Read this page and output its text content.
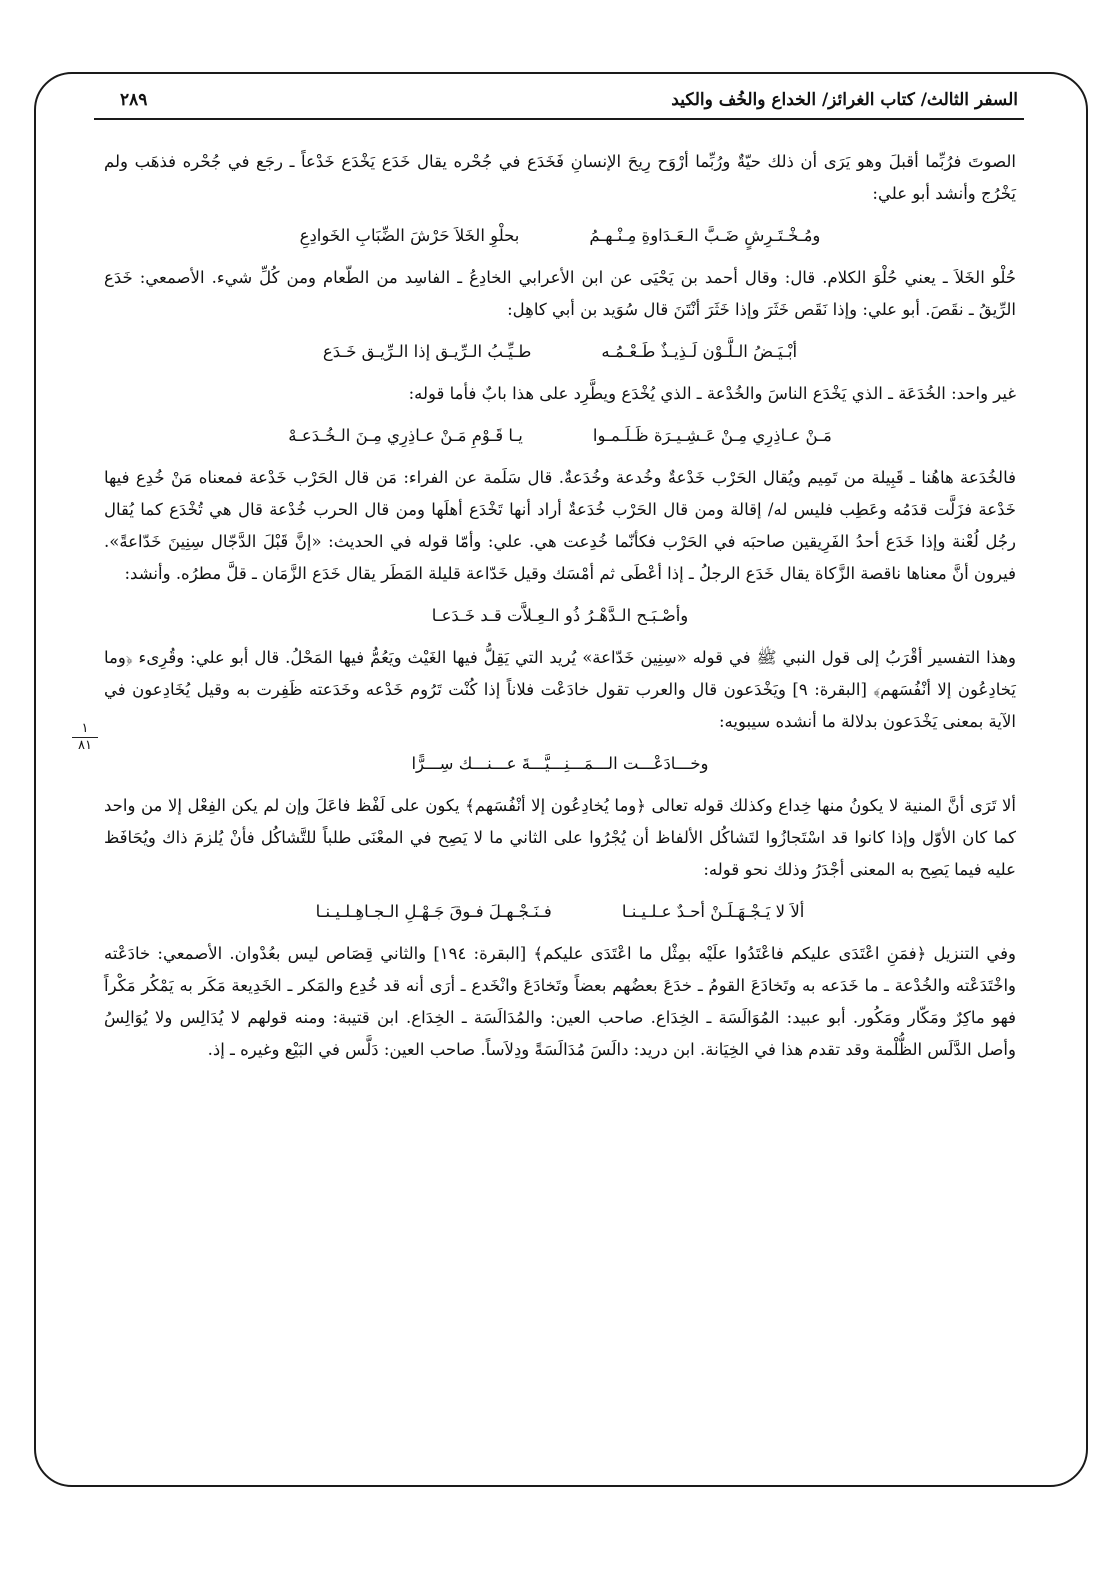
السفر الثالث/ كتاب الغرائز/ الخداع والخُف والكيد
٢٨٩
١
٨١

الصوتَ فرُبِّما أقبلَ وهو يَرَى أن ذلك حيّةٌ ورُبِّما أرْوَح رِيحَ الإنسانِ فَخَدَع في جُحْره يقال خَدَع يَخْدَع خَدْعاً ـ رجَع في جُحْره فذهَب ولم يَخْرُج وأنشد أبو علي:

ومُـخْـتَـرِشٍ ضَـبَّ الـعَـدَاوةِ مِـنْـهـمُبحلْوِ الخَلاَ حَرْشَ الضِّبَابِ الخَوادِعِ

حُلْو الخَلاَ ـ يعني حُلْوَ الكلام. قال: وقال أحمد بن يَحْيَى عن ابن الأعرابي الخادِعُ ـ الفاسِد من الطّعام ومن كُلِّ شيء. الأصمعي: خَدَع الرِّيقُ ـ نقَصَ. أبو علي: وإذا نَقَص خَثَرَ وإذا خَثَرَ أنْتَنَ قال سُوَيد بن أبي كاهِل:

أبْـيَـضُ الـلَّـوْن لَـذِيـذٌ طَـعْـمُـهطـيِّـبُ الـرِّيـق إذا الـرِّيـق خَـدَع

غير واحد: الخُدَعَة ـ الذي يَخْدَع الناسَ والخُدْعة ـ الذي يُخْدَع ويطَّرِد على هذا بابٌ فأما قوله:

مَـنْ عـاذِرِي مِـنْ عَـشِـيـرَة ظَـلَـمـوايـا قَـوْمِ مَـنْ عـاذِرِي مِـنَ الـخُـدَعـهْ

فالخُدَعة هاهُنا ـ قَبِيلة من تَمِيم ويُقال الحَرْب خَدْعةٌ وخُدعة وخُدَعةٌ. قال سَلَمة عن الفراء: مَن قال الحَرْب خَدْعة فمعناه مَنْ خُدِع فيها خَدْعة فزَلَّت قدَمُه وعَطِب فليس له/ إقالة ومن قال الحَرْب خُدَعةٌ أراد أنها تَخْدَع أهلَها ومن قال الحرب خُدْعة قال هي تُخْدَع كما يُقال رجُل لُعْنة وإذا خَدَع أحدُ الفَرِيقين صاحبَه في الحَرْب فكأنّما خُدِعت هي. علي: وأمّا قوله في الحديث: «إنَّ قَبْلَ الدَّجّال سِنِينَ خَدّاعةً». فيرون أنَّ معناها ناقصة الزَّكاة يقال خَدَع الرجلُ ـ إذا أعْطَى ثم أمْسَك وقيل خَدّاعة قليلة المَطَر يقال خَدَع الزَّمَان ـ قلَّ مطرُه. وأنشد:

وأصْـبَـح الـدَّهْـرُ ذُو الـعِـلاَّت قـد خَـدَعـا

وهذا التفسير أقْرَبُ إلى قول النبي ﷺ في قوله «سِنِين خَدّاعة» يُريد التي يَقِلُّ فيها الغَيْث ويَعُمُّ فيها المَحْلُ. قال أبو علي: وقُرِىء ﴿وما يَخادِعُون إلا أنْفُسَهم﴾ [البقرة: ٩] ويَخْدَعون قال والعرب تقول خادَعْت فلاناً إذا كُنْت تَرُوم خَدْعه وخَدَعته ظَفِرت به وقيل يُخَادِعون في الآية بمعنى يَخْدَعون بدلالة ما أنشده سيبويه:

وخـــادَعْـــت الـــمَـــنِـــيَّـــةَ عـــنـــك سِـــرًّا

ألا تَرَى أنَّ المنية لا يكونُ منها خِداع وكذلك قوله تعالى ﴿وما يُخادِعُون إلا أنْفُسَهم﴾ يكون على لَفْظ فاعَلَ وإن لم يكن الفِعْل إلا من واحد كما كان الأوّل وإذا كانوا قد اسْتَجازُوا لتَشاكُل الألفاظ أن يُجْرُوا على الثاني ما لا يَصِح في المعْنَى طلباً للتَّشاكُل فأنْ يُلزمَ ذاك ويُحَافَظ عليه فيما يَصِح به المعنى أجْدَرُ وذلك نحو قوله:

ألاَ لا يَـجْـهَـلَـنْ أحـدٌ عـلـيـنـافـنَـجْـهـلَ فـوقَ جَـهْـلِ الـجـاهِـلـيـنـا

وفي التنزيل ﴿فمَنِ اعْتَدَى عليكم فاعْتَدُوا علَيْه بمِثْل ما اعْتَدَى عليكم﴾ [البقرة: ١٩٤] والثاني قِصَاص ليس بعُدْوان. الأصمعي: خادَعْته واخْتَدَعْته والخُدْعة ـ ما خَدَعه به وتَخادَعَ القومُ ـ خدَعَ بعضُهم بعضاً وتَخادَعَ وانْخَدع ـ أرَى أنه قد خُدِع والمَكر ـ الخَدِيعة مَكَر به يَمْكُر مَكْراً فهو ماكِرٌ ومَكّار ومَكُور. أبو عبيد: المُوَالَسَة ـ الخِدَاع. صاحب العين: والمُدَالَسَة ـ الخِدَاع. ابن قتيبة: ومنه قولهم لا يُدَالِس ولا يُوَالِسُ وأصل الدَّلَس الظُّلْمة وقد تقدم هذا في الخِيَانة. ابن دريد: دالَسَ مُدَالَسَةً ودِلاَساً. صاحب العين: دَلَّس في البَيْع وغيره ـ إذ.
